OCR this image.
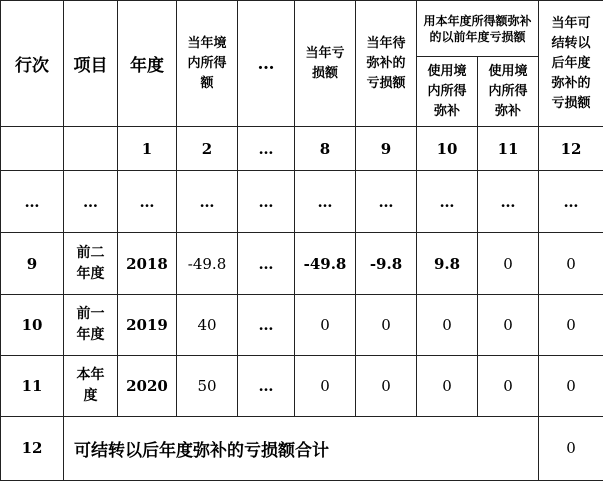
行次	项目	年度	当年境内所得额	…	当年亏损额	当年待弥补的亏损额	用本年度所得额弥补的以前年度亏损额		当年可结转以后年度弥补的亏损额

							使用境内所得弥补	使用境内所得弥补	

		1	2	…	8	9	10	11	12
…	…	…	…	…	…	…	…	…	…
9	前二年度	2018	-49.8	…	-49.8	-9.8	9.8	0	0
10	前一年度	2019	40	…	0	0	0	0	0
11	本年度	2020	50	…	0	0	0	0	0
12	可结转以后年度弥补的亏损额合计								0
